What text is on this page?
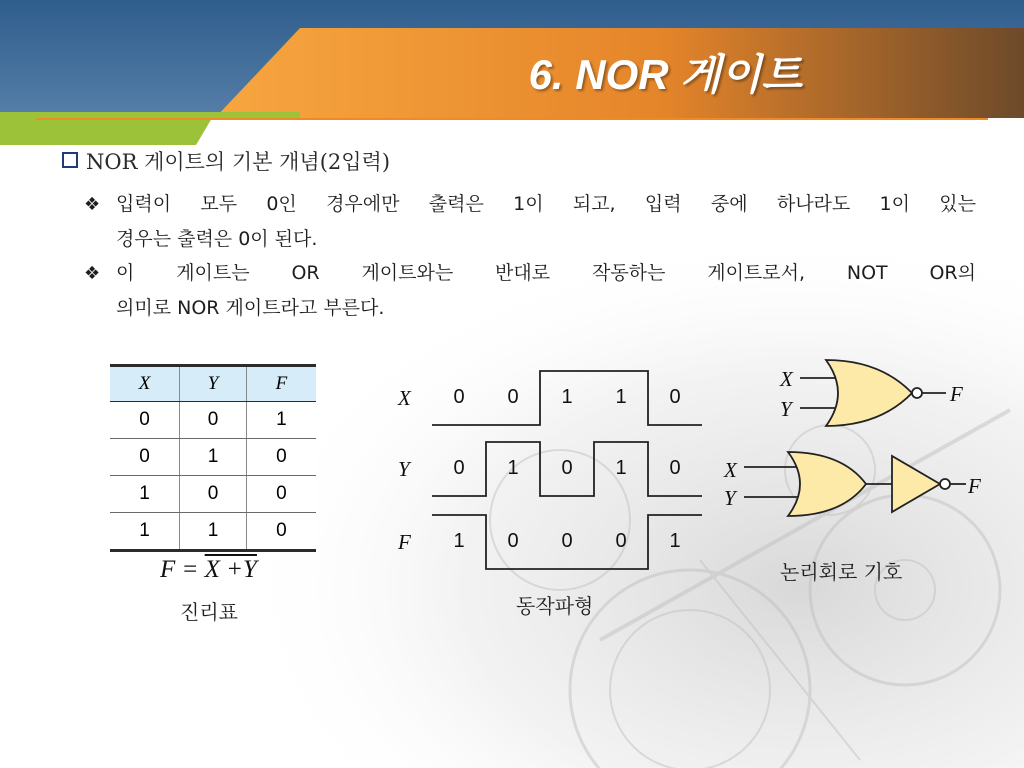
6. NOR 게이트
NOR 게이트의 기본 개념(2입력)
❖ 입력이 모두 0인 경우에만 출력은 1이 되고, 입력 중에 하나라도 1이 있는
경우는 출력은 0이 된다.
❖ 이 게이트는 OR 게이트와는 반대로 작동하는 게이트로서, NOT OR의
의미로 NOR 게이트라고 부른다.
X	Y	F
0	0	1
0	1	0
1	0	0
1	1	0
F = X +Y
진리표
X	0	0	1	1	0
Y	0	1	0	1	0
F	1	0	0	0	1
동작파형
X
Y
F
X
Y	F
논리회로 기호
